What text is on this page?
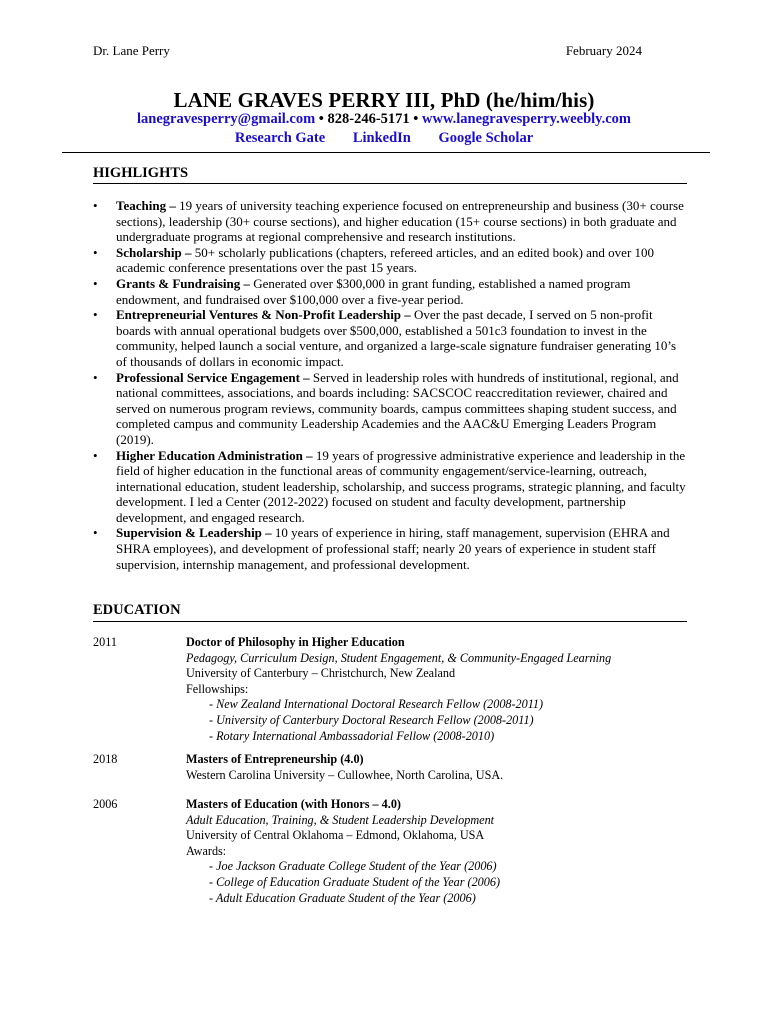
Dr. Lane Perry	February 2024
LANE GRAVES PERRY III, PhD (he/him/his)
lanegravesperry@gmail.com • 828-246-5171 • www.lanegravesperry.weebly.com
Research Gate LinkedIn Google Scholar
HIGHLIGHTS
• Teaching – 19 years of university teaching experience focused on entrepreneurship and business (30+ course sections), leadership (30+ course sections), and higher education (15+ course sections) in both graduate and undergraduate programs at regional comprehensive and research institutions.
• Scholarship – 50+ scholarly publications (chapters, refereed articles, and an edited book) and over 100 academic conference presentations over the past 15 years.
• Grants & Fundraising – Generated over $300,000 in grant funding, established a named program endowment, and fundraised over $100,000 over a five-year period.
• Entrepreneurial Ventures & Non-Profit Leadership – Over the past decade, I served on 5 non-profit boards with annual operational budgets over $500,000, established a 501c3 foundation to invest in the community, helped launch a social venture, and organized a large-scale signature fundraiser generating 10’s of thousands of dollars in economic impact.
• Professional Service Engagement – Served in leadership roles with hundreds of institutional, regional, and national committees, associations, and boards including: SACSCOC reaccreditation reviewer, chaired and served on numerous program reviews, community boards, campus committees shaping student success, and completed campus and community Leadership Academies and the AAC&U Emerging Leaders Program (2019).
• Higher Education Administration – 19 years of progressive administrative experience and leadership in the field of higher education in the functional areas of community engagement/service-learning, outreach, international education, student leadership, scholarship, and success programs, strategic planning, and faculty development. I led a Center (2012-2022) focused on student and faculty development, partnership development, and engaged research.
• Supervision & Leadership – 10 years of experience in hiring, staff management, supervision (EHRA and SHRA employees), and development of professional staff; nearly 20 years of experience in student staff supervision, internship management, and professional development.
EDUCATION
2011	Doctor of Philosophy in Higher Education
Pedagogy, Curriculum Design, Student Engagement, & Community-Engaged Learning
University of Canterbury – Christchurch, New Zealand
Fellowships:
- New Zealand International Doctoral Research Fellow (2008-2011)
- University of Canterbury Doctoral Research Fellow (2008-2011)
- Rotary International Ambassadorial Fellow (2008-2010)
2018	Masters of Entrepreneurship (4.0)
Western Carolina University – Cullowhee, North Carolina, USA.
2006	Masters of Education (with Honors – 4.0)
Adult Education, Training, & Student Leadership Development
University of Central Oklahoma – Edmond, Oklahoma, USA
Awards:
- Joe Jackson Graduate College Student of the Year (2006)
- College of Education Graduate Student of the Year (2006)
- Adult Education Graduate Student of the Year (2006)
